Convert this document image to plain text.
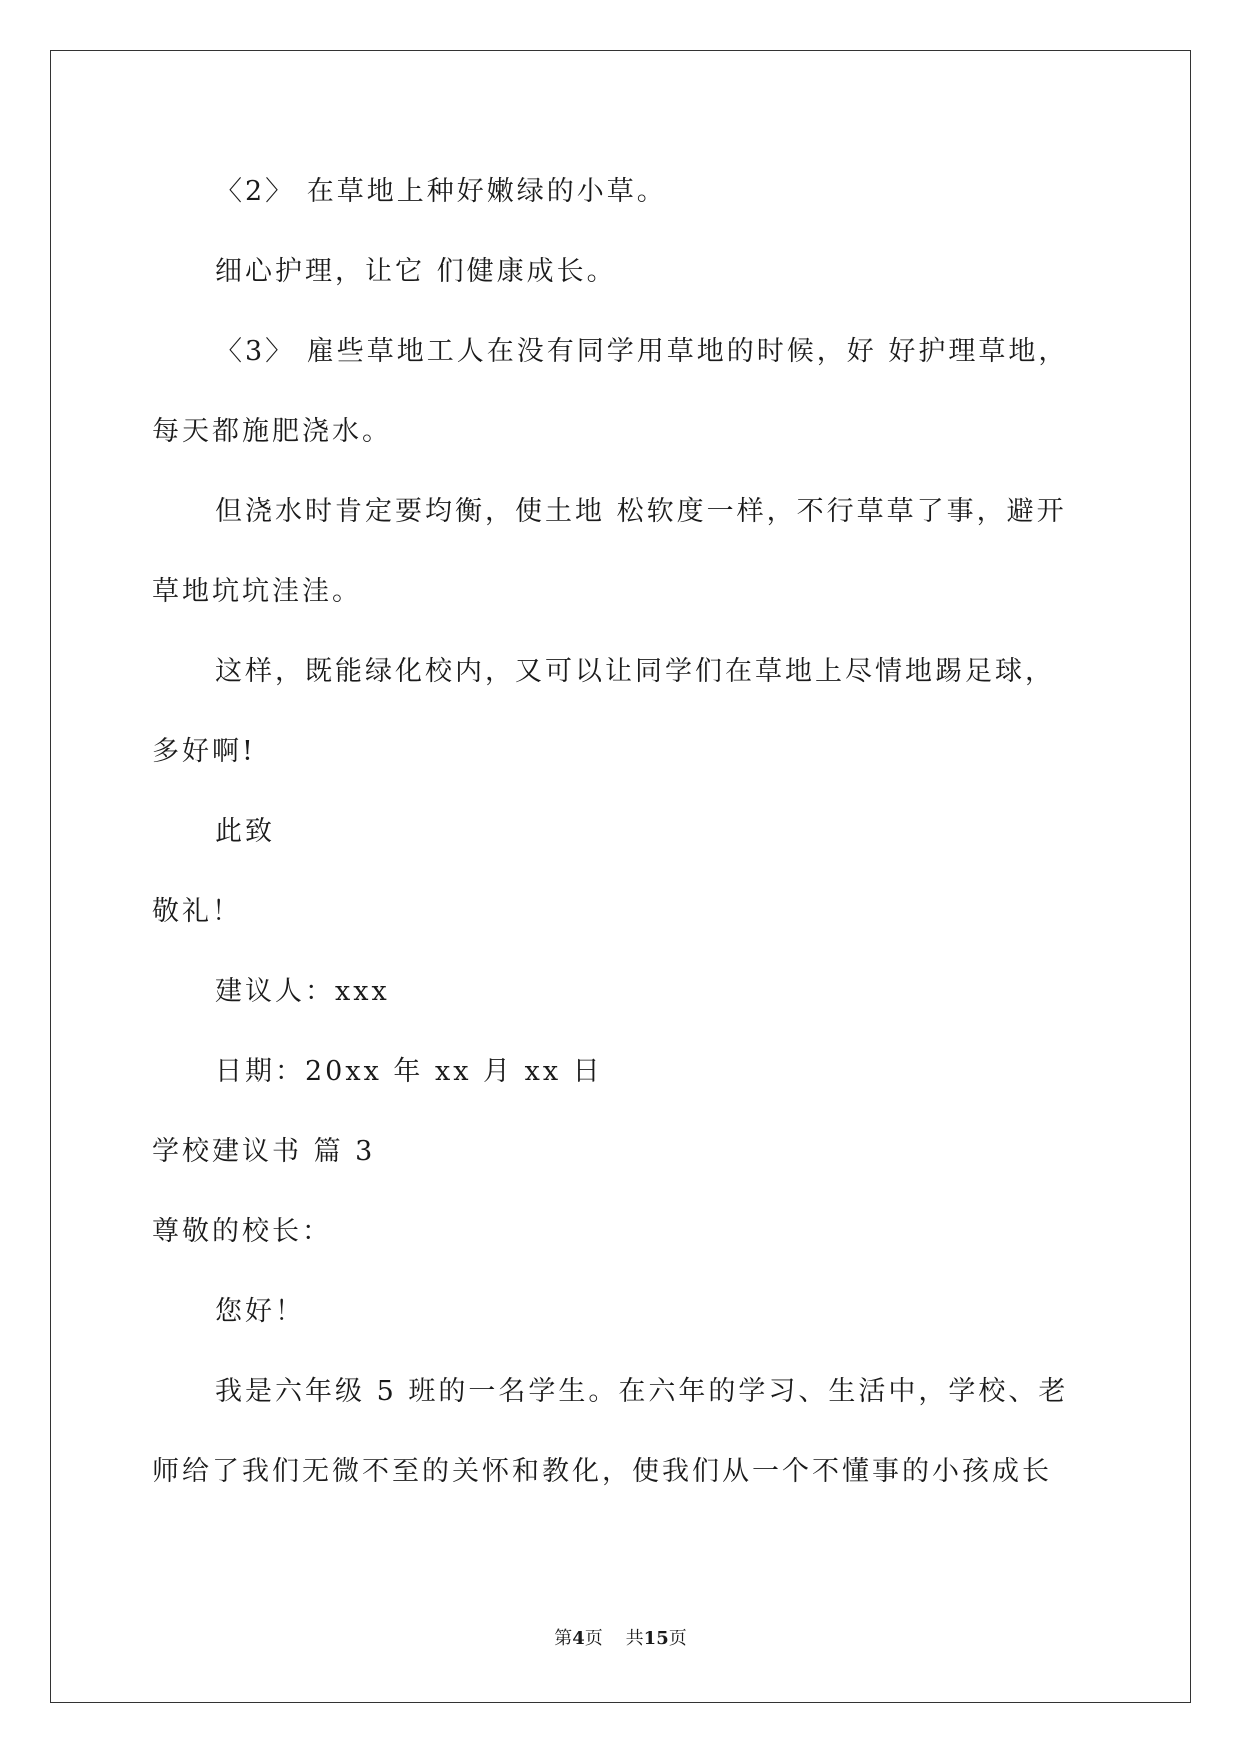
〈2〉 在草地上种好嫩绿的小草。
细心护理，让它 们健康成长。
〈3〉 雇些草地工人在没有同学用草地的时候，好 好护理草地，
每天都施肥浇水。
但浇水时肯定要均衡，使土地 松软度一样，不行草草了事，避开
草地坑坑洼洼。
这样，既能绿化校内，又可以让同学们在草地上尽情地踢足球，
多好啊!
此致
敬礼！
建议人：xxx
日期：20xx 年 xx 月 xx 日
学校建议书 篇 3
尊敬的校长：
您好！
我是六年级 5 班的一名学生。在六年的学习、生活中，学校、老
师给了我们无微不至的关怀和教化，使我们从一个不懂事的小孩成长
第4页 共15页
